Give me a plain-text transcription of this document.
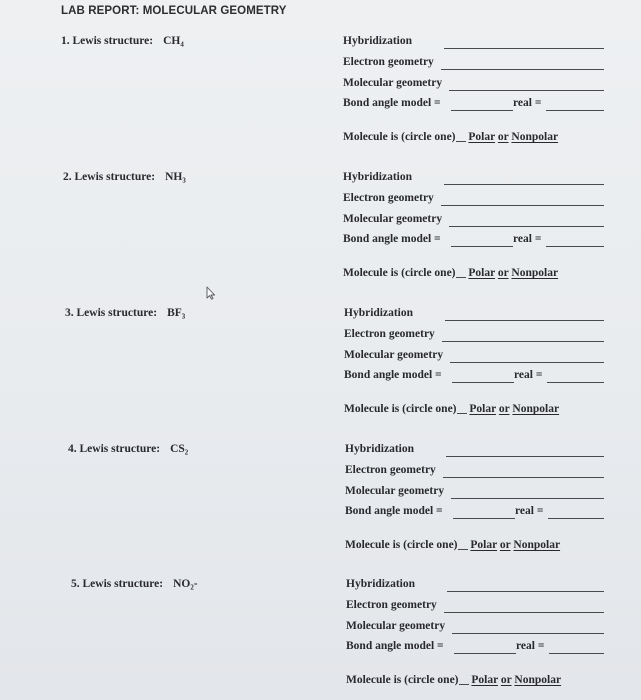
LAB REPORT: MOLECULAR GEOMETRY
1. Lewis structure: CH₄	Hybridization
Electron geometry
Molecular geometry
Bond angle model =	real =
Molecule is (circle one) Polar or Nonpolar
2. Lewis structure: NH₃	Hybridization
Electron geometry
Molecular geometry
Bond angle model =	real =
Molecule is (circle one) Polar or Nonpolar
3. Lewis structure: BF₃	Hybridization
Electron geometry
Molecular geometry
Bond angle model =	real =
Molecule is (circle one) Polar or Nonpolar
4. Lewis structure: CS₂	Hybridization
Electron geometry
Molecular geometry
Bond angle model =	real =
Molecule is (circle one) Polar or Nonpolar
5. Lewis structure: NO₂-	Hybridization
Electron geometry
Molecular geometry
Bond angle model =	real =
Molecule is (circle one) Polar or Nonpolar
